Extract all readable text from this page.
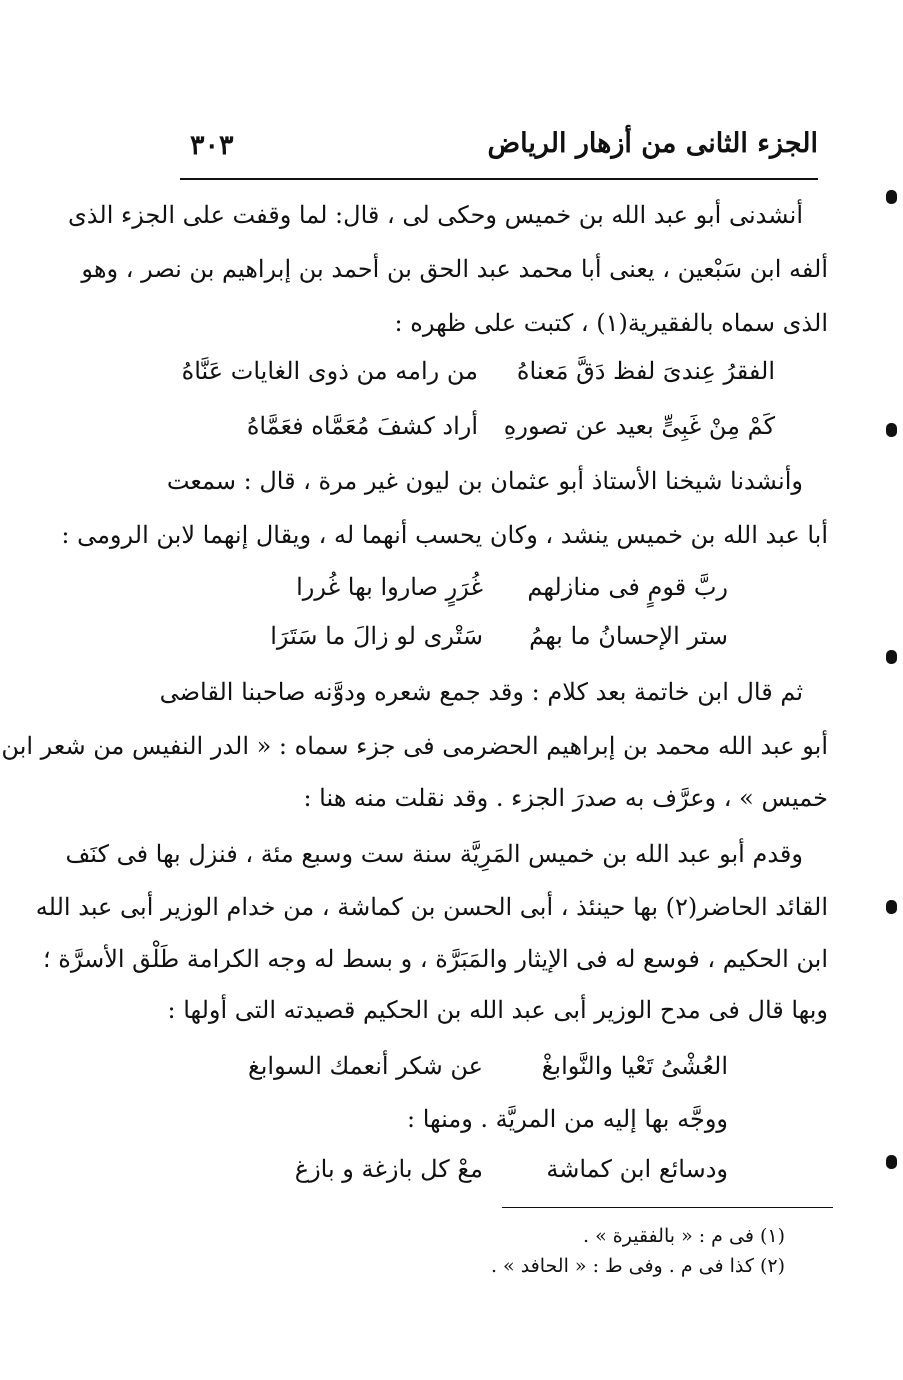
الجزء الثانى من أزهار الرياض
٣٠٣
أنشدنى أبو عبد الله بن خميس وحكى لى ، قال: لما وقفت على الجزء الذى
ألفه ابن سَبْعين ، يعنى أبا محمد عبد الحق بن أحمد بن إبراهيم بن نصر ، وهو
الذى سماه بالفقيرية(١) ، كتبت على ظهره :
الفقرُ عِندىَ لفظ دَقَّ مَعناهُ
من رامه من ذوى الغايات عَنَّاهُ
كَمْ مِنْ غَبِىٍّ بعيد عن تصورهِ
أراد كشفَ مُعَمَّاه فعَمَّاهُ
وأنشدنا شيخنا الأستاذ أبو عثمان بن ليون غير مرة ، قال : سمعت
أبا عبد الله بن خميس ينشد ، وكان يحسب أنهما له ، ويقال إنهما لابن الرومى :
ربَّ قومٍ فى منازلهم
غُرَرٍ صاروا بها غُررا
ستر الإحسانُ ما بهمُ
سَتْرى لو زالَ ما سَتَرَا
ثم قال ابن خاتمة بعد كلام : وقد جمع شعره ودوَّنه صاحبنا القاضى
أبو عبد الله محمد بن إبراهيم الحضرمى فى جزء سماه : « الدر النفيس من شعر ابن
خميس » ، وعرَّف به صدرَ الجزء . وقد نقلت منه هنا :
وقدم أبو عبد الله بن خميس المَرِيَّة سنة ست وسبع مئة ، فنزل بها فى كنَف
القائد الحاضر(٢) بها حينئذ ، أبى الحسن بن كماشة ، من خدام الوزير أبى عبد الله
ابن الحكيم ، فوسع له فى الإيثار والمَبَرَّة ، و بسط له وجه الكرامة طَلْق الأسرَّة ؛
وبها قال فى مدح الوزير أبى عبد الله بن الحكيم قصيدته التى أولها :
العُشْىُ تَعْيا والنَّوابغْ
عن شكر أنعمك السوابغ
ووجَّه بها إليه من المريَّة . ومنها :
ودسائع ابن كماشة
معْ كل بازغة و بازغ
(١) فى م : « بالفقيرة » .
(٢) كذا فى م . وفى ط : « الحافد » .
